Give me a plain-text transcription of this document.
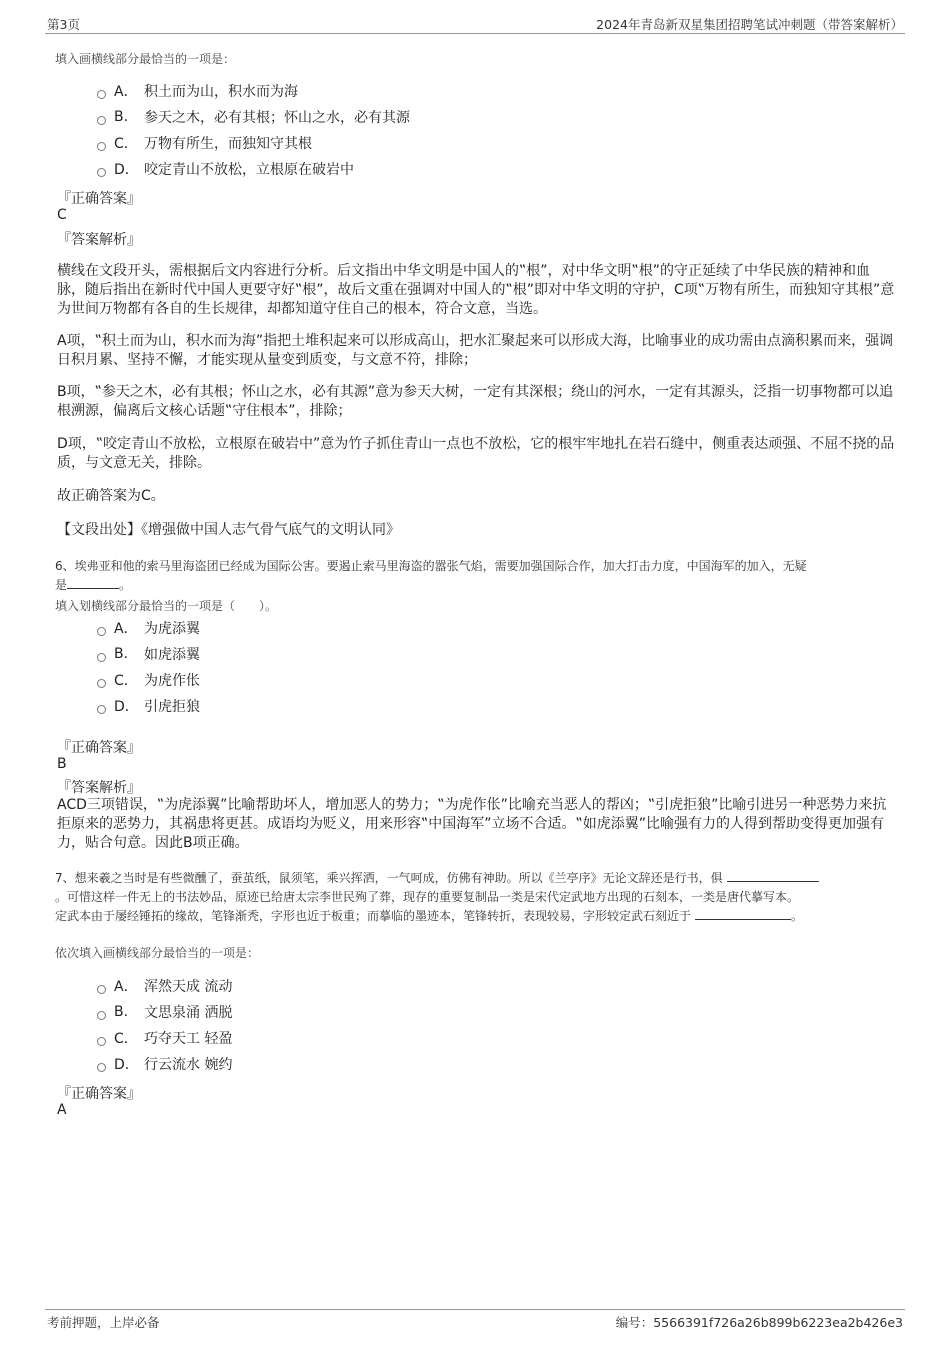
第3页	2024年青岛新双星集团招聘笔试冲刺题（带答案解析）
填入画横线部分最恰当的一项是：
A． 积土而为山，积水而为海
B.	参天之木，必有其根；怀山之水，必有其源
C． 万物有所生，而独知守其根
D． 咬定青山不放松，立根原在破岩中
『正确答案』
C
『答案解析』
横线在文段开头，需根据后文内容进行分析。后文指出中华文明是中国人的‟根”，对中华文明‟根”的守正延续了中华民族的精神和血脉，随后指出在新时代中国人更要守好‟根”，故后文重在强调对中国人的‟根”即对中华文明的守护，C项‟万物有所生，而独知守其根”意为世间万物都有各自的生长规律，却都知道守住自己的根本，符合文意，当选。
A项，‟积土而为山，积水而为海”指把土堆积起来可以形成高山，把水汇聚起来可以形成大海，比喻事业的成功需由点滴积累而来，强调日积月累、坚持不懈，才能实现从量变到质变，与文意不符，排除；
B项，‟参天之木，必有其根；怀山之水，必有其源”意为参天大树，一定有其深根；绕山的河水，一定有其源头，泛指一切事物都可以追根溯源，偏离后文核心话题‟守住根本”，排除；
D项，‟咬定青山不放松，立根原在破岩中”意为竹子抓住青山一点也不放松，它的根牢牢地扎在岩石缝中，侧重表达顽强、不屈不挠的品质，与文意无关，排除。
故正确答案为C。
【文段出处】《增强做中国人志气骨气底气的文明认同》
6、埃弗亚和他的索马里海盗团已经成为国际公害。要遏止索马里海盗的嚣张气焰，需要加强国际合作，加大打击力度，中国海军的加入，无疑
是	。
填入划横线部分最恰当的一项是（　　）。
A． 为虎添翼
B.	如虎添翼
C． 为虎作伥
D． 引虎拒狼
『正确答案』
B
『答案解析』
ACD三项错误，‟为虎添翼”比喻帮助坏人，增加恶人的势力；‟为虎作伥”比喻充当恶人的帮凶；‟引虎拒狼”比喻引进另一种恶势力来抗拒原来的恶势力，其祸患将更甚。成语均为贬义，用来形容‟中国海军”立场不合适。‟如虎添翼”比喻强有力的人得到帮助变得更加强有力，贴合句意。因此B项正确。
7、想来羲之当时是有些微醺了，蚕茧纸，鼠须笔，乘兴挥洒，一气呵成，仿佛有神助。所以《兰亭序》无论文辞还是行书，俱
。可惜这样一件无上的书法妙品，原迹已给唐太宗李世民殉了葬，现存的重要复制品一类是宋代定武地方出现的石刻本，一类是唐代摹写本。
定武本由于屡经锤拓的缘故，笔锋渐秃，字形也近于板重；而摹临的墨迹本，笔锋转折，表现较易，字形较定武石刻近于	。
依次填入画横线部分最恰当的一项是：
A． 浑然天成 流动
B.	文思泉涌 洒脱
C． 巧夺天工 轻盈
D． 行云流水 婉约
『正确答案』
A
考前押题，上岸必备	编号：5566391f726a26b899b6223ea2b426e3
